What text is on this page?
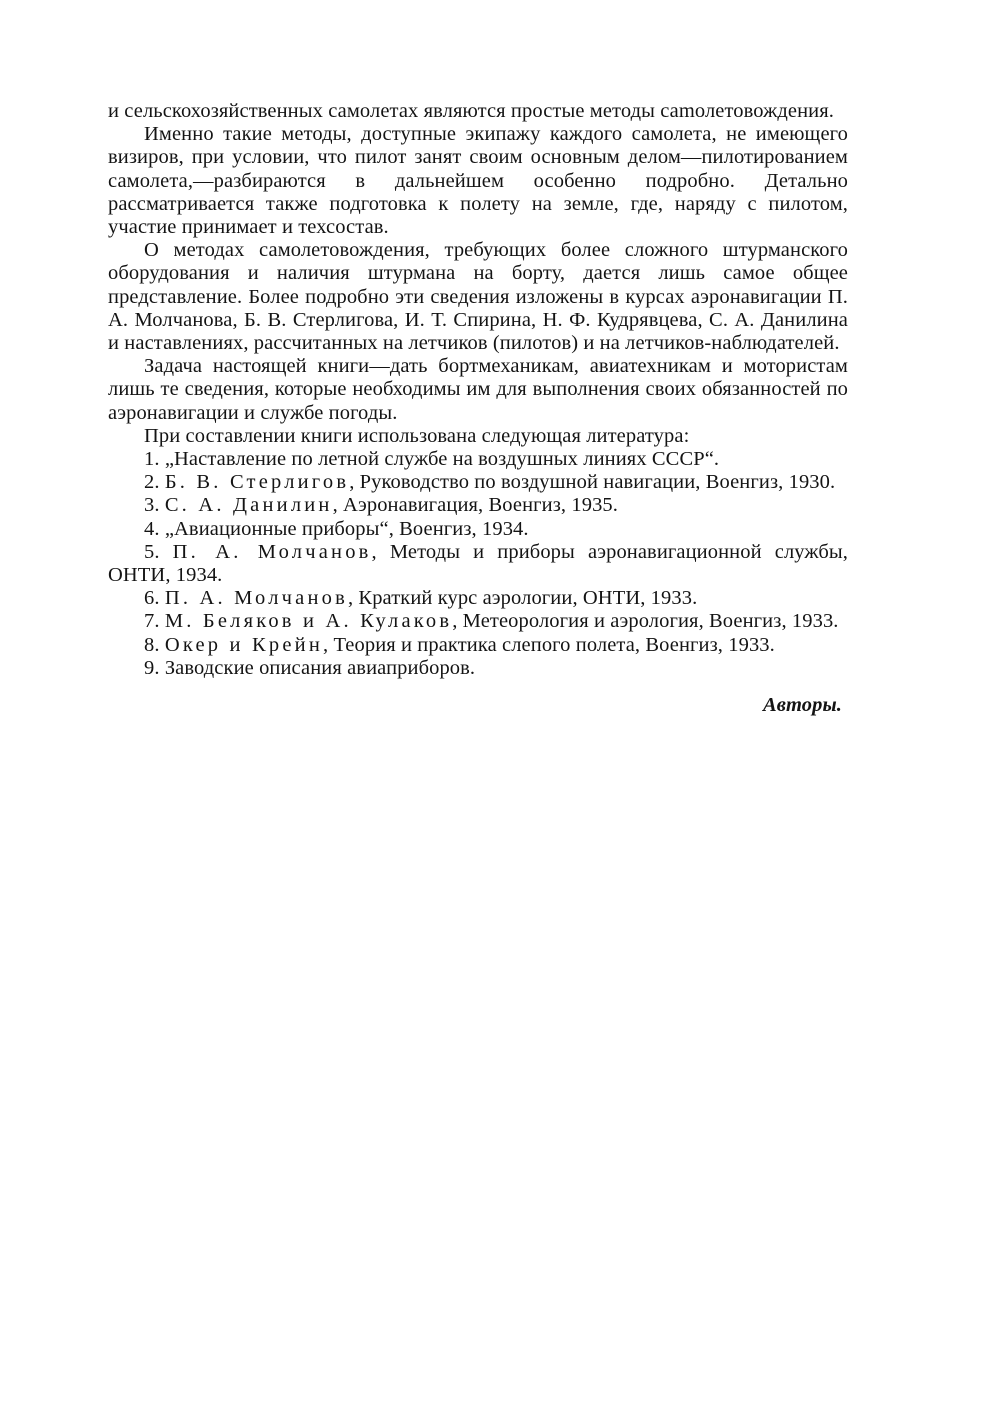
и сельскохозяйственных самолетах являются простые методы саmолетовождения.

Именно такие методы, доступные экипажу каждого самолета, не имеющего визиров, при условии, что пилот занят своим основным делом—пилотированием самолета,—разбираются в дальнейшем особенно подробно. Детально рассматривается также подготовка к полету на земле, где, наряду с пилотом, участие принимает и техсостав.

О методах самолетовождения, требующих более сложного штурманского оборудования и наличия штурмана на борту, дается лишь самое общее представление. Более подробно эти сведения изложены в курсах аэронавигации П. А. Молчанова, Б. В. Стерлигова, И. Т. Спирина, Н. Ф. Кудрявцева, С. А. Данилина и наставлениях, рассчитанных на летчиков (пилотов) и на летчиков-наблюдателей.

Задача настоящей книги—дать бортмеханикам, авиатехникам и мотористам лишь те сведения, которые необходимы им для выполнения своих обязанностей по аэронавигации и службе погоды.

При составлении книги использована следующая литература:

1. „Наставление по летной службе на воздушных линиях СССР“.

2. Б. В. Стерлигов, Руководство по воздушной навигации, Военгиз, 1930.

3. С. А. Данилин, Аэронавигация, Военгиз, 1935.

4. „Авиационные приборы“, Военгиз, 1934.

5. П. А. Молчанов, Методы и приборы аэронавигационной службы, ОНТИ, 1934.

6. П. А. Молчанов, Краткий курс аэрологии, ОНТИ, 1933.

7. М. Беляков и А. Кулаков, Метеорология и аэрология, Военгиз, 1933.

8. Окер и Крейн, Теория и практика слепого полета, Военгиз, 1933.

9. Заводские описания авиаприборов.

Авторы.
